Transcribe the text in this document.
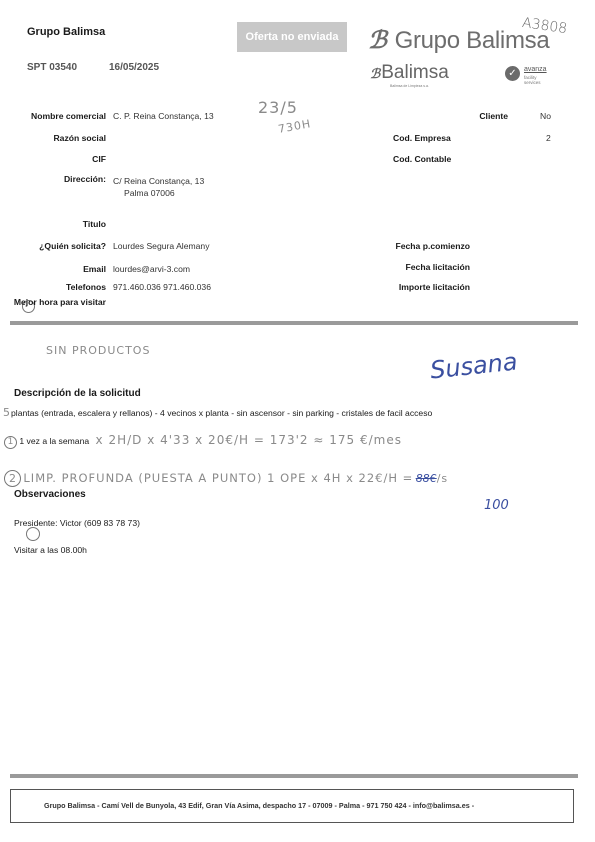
Grupo Balimsa
SPT 03540	16/05/2025
Oferta no enviada	ℬ Grupo Balimsa
A3808
ℬBalimsa
Balimsa de Limpieza s.a.
✓	avanza
facility services
Nombre comercial C. P. Reina Constança, 13
Razón social
CIF
Dirección: C/ Reina Constança, 13
Palma 07006
Titulo
¿Quién solicita? Lourdes Segura Alemany
Email lourdes@arvi-3.com
Telefonos 971.460.036 971.460.036
Mejor hora para visitar
23/5
730H
Cliente	No
Cod. Empresa	2
Cod. Contable
Fecha p.comienzo
Fecha licitación
Importe licitación
SIN PRODUCTOS	Susana
Descripción de la solicitud
5plantas (entrada, escalera y rellanos) - 4 vecinos x planta - sin ascensor - sin parking - cristales de facil acceso
1 1 vez a la semana x 2H/D x 4'33 x 20€/H = 173'2 ≈ 175 €/mes
2 LIMP. PROFUNDA (PUESTA A PUNTO) 1 OPE x 4H x 22€/H = 88€/s
100
Observaciones
Presidente: Victor (609 83 78 73)
Visitar a las 08.00h
Grupo Balimsa - Camí Vell de Bunyola, 43 Edif, Gran Vía Asima, despacho 17 - 07009 - Palma - 971 750 424 - info@balimsa.es -
